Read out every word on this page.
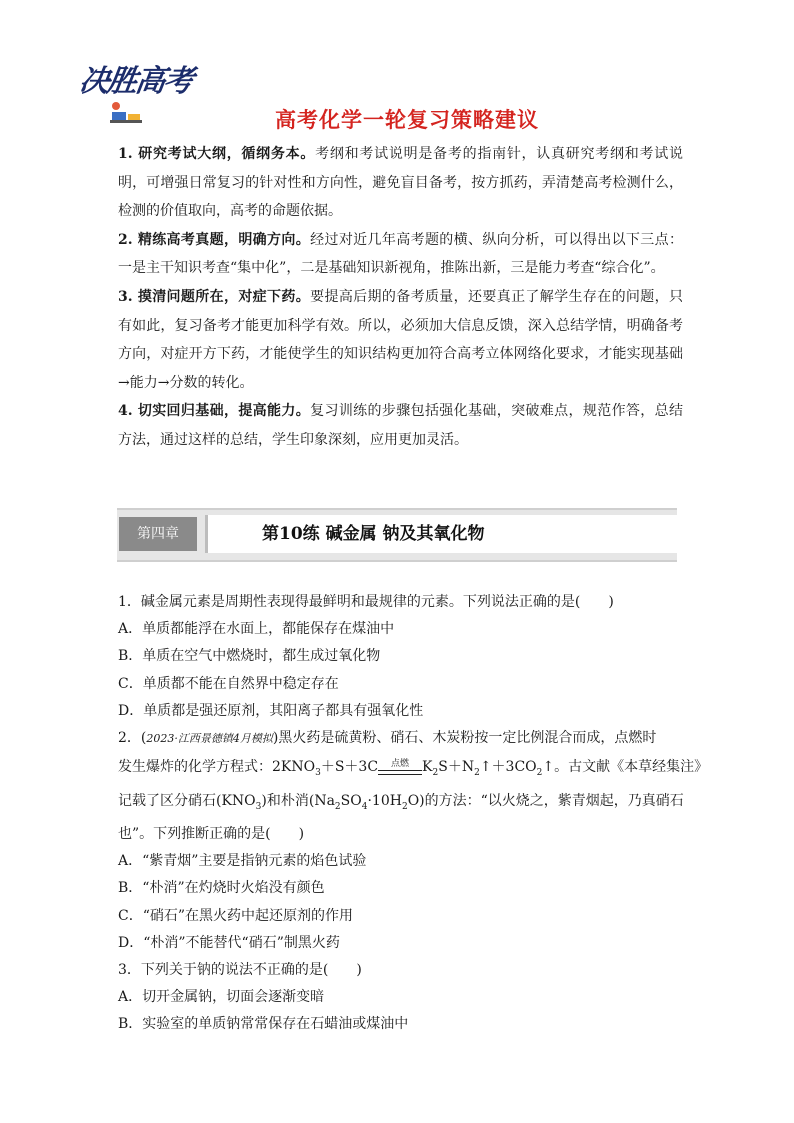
决胜高考
高考化学一轮复习策略建议

1. 研究考试大纲，循纲务本。考纲和考试说明是备考的指南针，认真研究考纲和考试说明，可增强日常复习的针对性和方向性，避免盲目备考，按方抓药，弄清楚高考检测什么，检测的价值取向，高考的命题依据。

2. 精练高考真题，明确方向。经过对近几年高考题的横、纵向分析，可以得出以下三点：一是主干知识考查“集中化”，二是基础知识新视角，推陈出新，三是能力考查“综合化”。

3. 摸清问题所在，对症下药。要提高后期的备考质量，还要真正了解学生存在的问题，只有如此，复习备考才能更加科学有效。所以，必须加大信息反馈，深入总结学情，明确备考方向，对症开方下药，才能使学生的知识结构更加符合高考立体网络化要求，才能实现基础→能力→分数的转化。

4. 切实回归基础，提高能力。复习训练的步骤包括强化基础，突破难点，规范作答，总结方法，通过这样的总结，学生印象深刻，应用更加灵活。

第四章	第10练 碱金属 钠及其氧化物

1．碱金属元素是周期性表现得最鲜明和最规律的元素。下列说法正确的是(　　)

A．单质都能浮在水面上，都能保存在煤油中

B．单质在空气中燃烧时，都生成过氧化物

C．单质都不能在自然界中稳定存在

D．单质都是强还原剂，其阳离子都具有强氧化性

2．(2023·江西景德镇4月模拟)黑火药是硫黄粉、硝石、木炭粉按一定比例混合而成，点燃时

发生爆炸的化学方程式：$2KNO_3+S+3C$	点燃 $K_2S+N_2↑+3CO_2↑$。古文献《本草经集注》

记载了区分硝石$(KNO_3)$和朴消$(Na_2SO_4\cdot 10H_2O)$的方法：“以火烧之，紫青烟起，乃真硝石

也”。下列推断正确的是(　　)

A．“紫青烟”主要是指钠元素的焰色试验

B．“朴消”在灼烧时火焰没有颜色

C．“硝石”在黑火药中起还原剂的作用

D．“朴消”不能替代“硝石”制黑火药

3．下列关于钠的说法不正确的是(　　)

A．切开金属钠，切面会逐渐变暗

B．实验室的单质钠常常保存在石蜡油或煤油中
